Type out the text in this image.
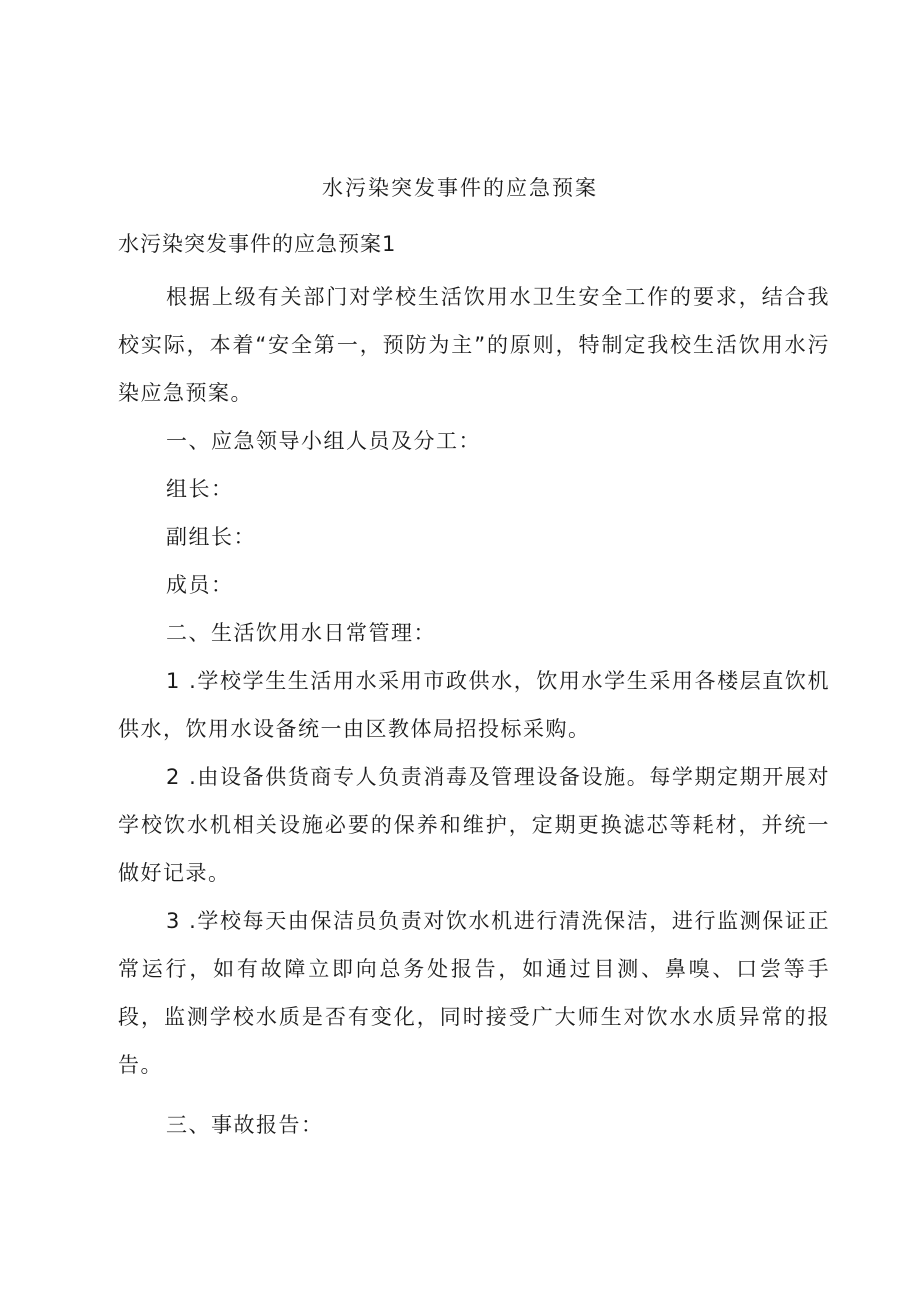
水污染突发事件的应急预案
水污染突发事件的应急预案1

根据上级有关部门对学校生活饮用水卫生安全工作的要求，结合我校实际，本着“安全第一，预防为主”的原则，特制定我校生活饮用水污染应急预案。

一、应急领导小组人员及分工：

组长：

副组长：

成员：

二、生活饮用水日常管理：

1 .学校学生生活用水采用市政供水，饮用水学生采用各楼层直饮机供水，饮用水设备统一由区教体局招投标采购。

2 .由设备供货商专人负责消毒及管理设备设施。每学期定期开展对学校饮水机相关设施必要的保养和维护，定期更换滤芯等耗材，并统一做好记录。

3 .学校每天由保洁员负责对饮水机进行清洗保洁，进行监测保证正常运行，如有故障立即向总务处报告，如通过目测、鼻嗅、口尝等手段，监测学校水质是否有变化，同时接受广大师生对饮水水质异常的报告。

三、事故报告：
